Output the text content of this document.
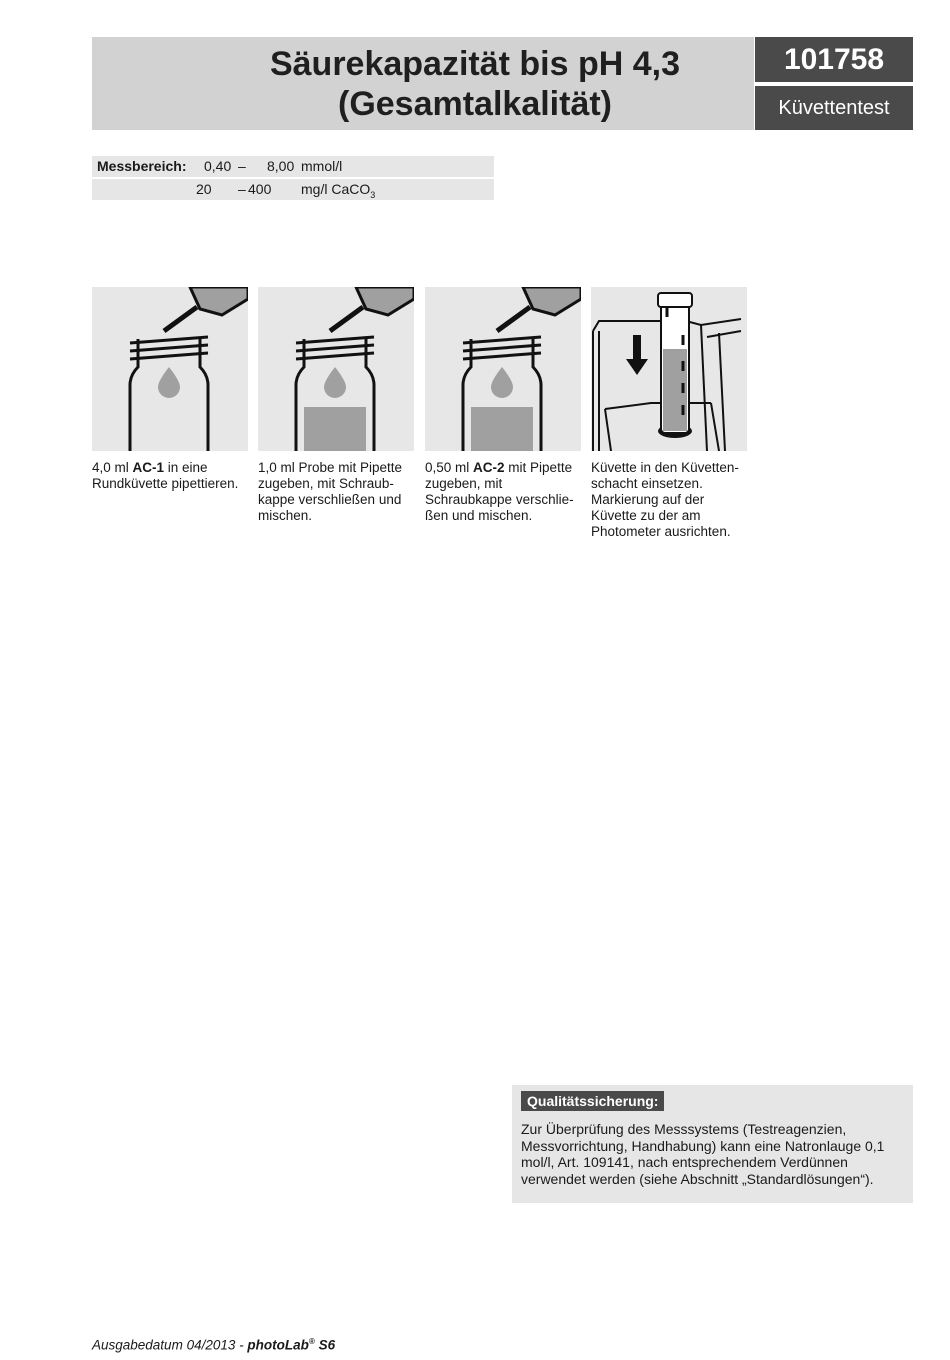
Säurekapazität bis pH 4,3
(Gesamtalkalität)
101758
Küvettentest
Messbereich: 0,40 – 8,00 mmol/l
20 – 400 mg/l CaCO$_3$
4,0 ml AC-1 in eine Rundküvette pipettieren.
1,0 ml Probe mit Pipette zugeben, mit Schraub-kappe verschließen und mischen.
0,50 ml AC-2 mit Pipette zugeben, mit Schraubkappe verschlie-ßen und mischen.
Küvette in den Küvetten-schacht einsetzen. Markierung auf der Küvette zu der am Photometer ausrichten.
Qualitätssicherung:
Zur Überprüfung des Messsystems (Testreagenzien, Messvorrichtung, Handhabung) kann eine Natronlauge 0,1 mol/l, Art. 109141, nach entsprechendem Verdünnen verwendet werden (siehe Abschnitt „Standardlösungen“).
Ausgabedatum 04/2013 - photoLab® S6
